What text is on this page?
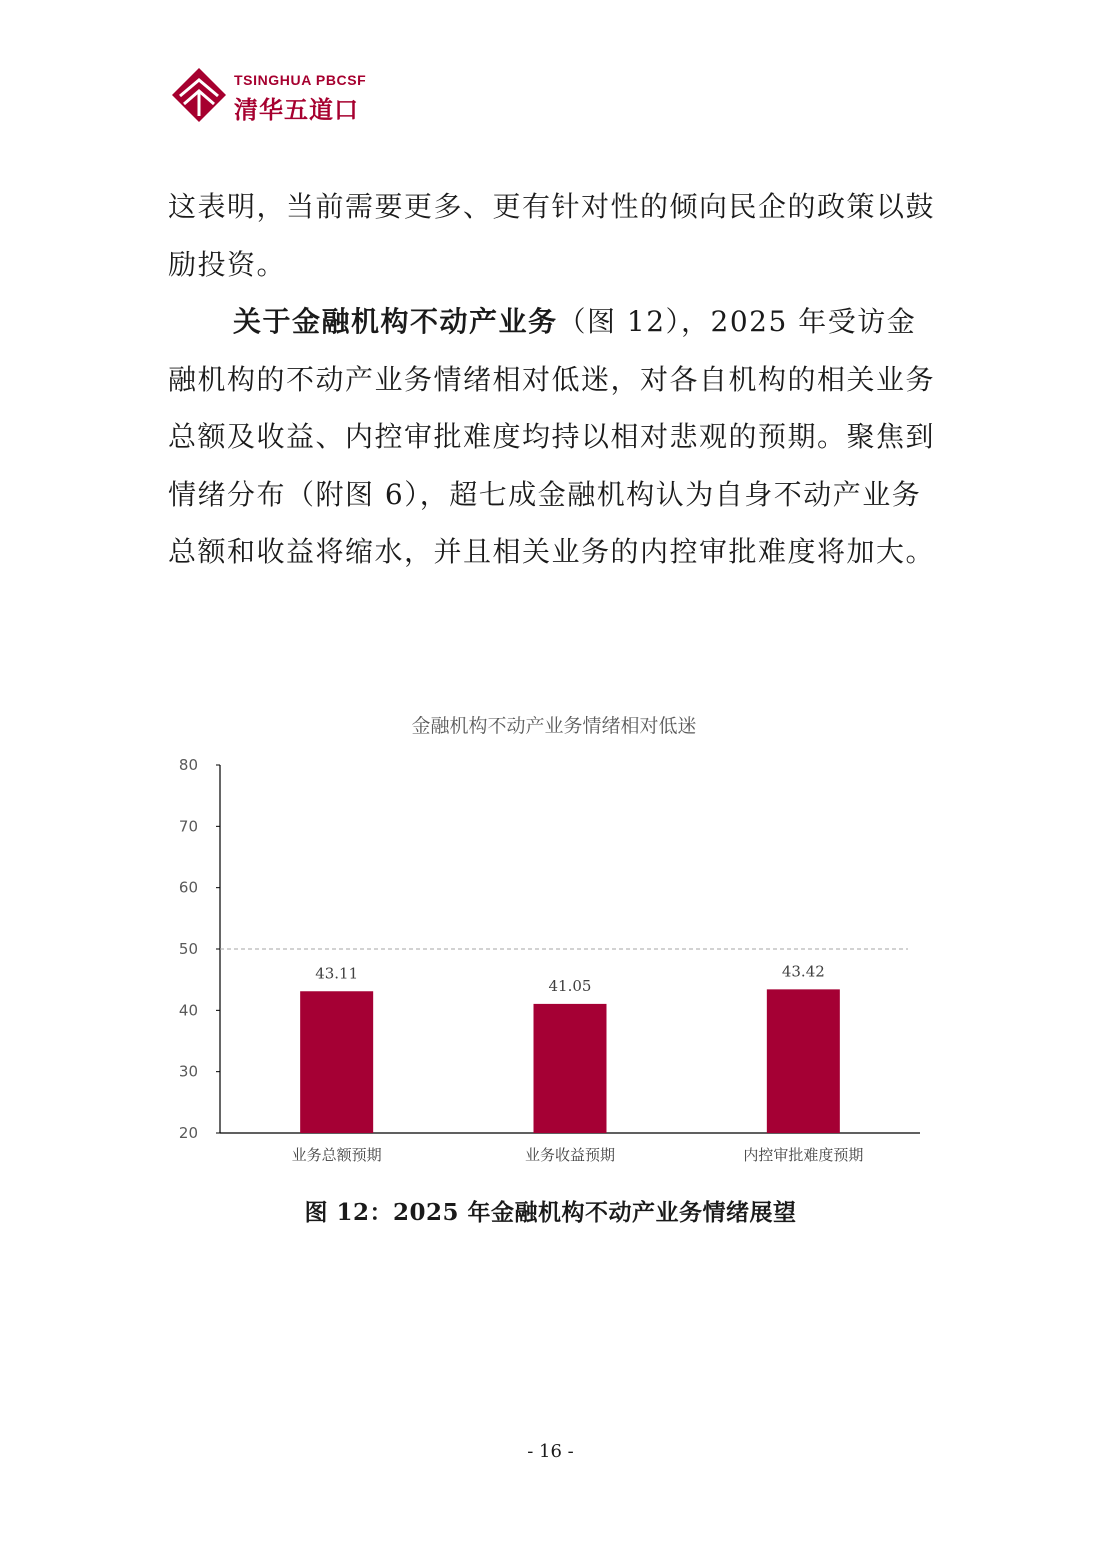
TSINGHUA PBCSF
清华五道口

这表明，当前需要更多、更有针对性的倾向民企的政策以鼓励投资。

关于金融机构不动产业务（图 12），2025 年受访金融机构的不动产业务情绪相对低迷，对各自机构的相关业务总额及收益、内控审批难度均持以相对悲观的预期。聚焦到情绪分布（附图 6），超七成金融机构认为自身不动产业务总额和收益将缩水，并且相关业务的内控审批难度将加大。

金融机构不动产业务情绪相对低迷
20
30
40
50
60
70
80
43.11
业务总额预期
41.05
业务收益预期
43.42
内控审批难度预期

图 12：2025 年金融机构不动产业务情绪展望

- 16 -
